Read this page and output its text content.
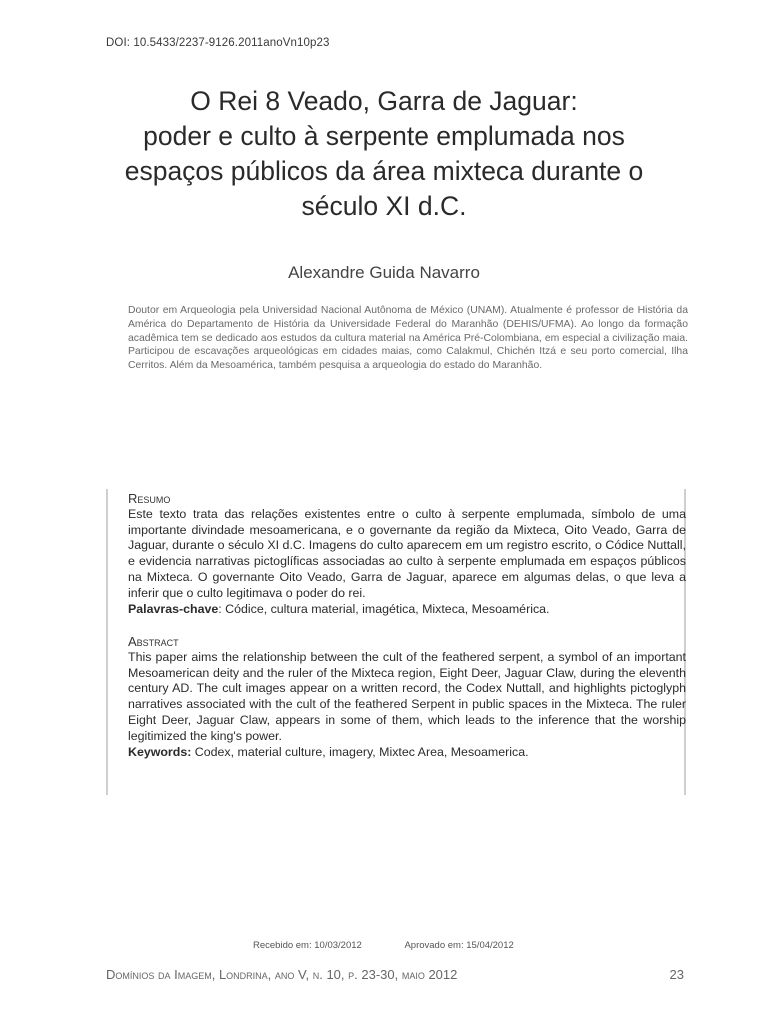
DOI: 10.5433/2237-9126.2011anoVn10p23
O Rei 8 Veado, Garra de Jaguar:
poder e culto à serpente emplumada nos
espaços públicos da área mixteca durante o
século XI d.C.
Alexandre Guida Navarro
Doutor em Arqueologia pela Universidad Nacional Autônoma de México (UNAM). Atualmente é professor de História da América do Departamento de História da Universidade Federal do Maranhão (DEHIS/UFMA). Ao longo da formação acadêmica tem se dedicado aos estudos da cultura material na América Pré-Colombiana, em especial a civilização maia. Participou de escavações arqueológicas em cidades maias, como Calakmul, Chichén Itzá e seu porto comercial, Ilha Cerritos. Além da Mesoamérica, também pesquisa a arqueologia do estado do Maranhão.
Resumo
Este texto trata das relações existentes entre o culto à serpente emplumada, símbolo de uma importante divindade mesoamericana, e o governante da região da Mixteca, Oito Veado, Garra de Jaguar, durante o século XI d.C. Imagens do culto aparecem em um registro escrito, o Códice Nuttall, e evidencia narrativas pictoglíficas associadas ao culto à serpente emplumada em espaços públicos na Mixteca. O governante Oito Veado, Garra de Jaguar, aparece em algumas delas, o que leva a inferir que o culto legitimava o poder do rei.
Palavras-chave: Códice, cultura material, imagética, Mixteca, Mesoamérica.
Abstract
This paper aims the relationship between the cult of the feathered serpent, a symbol of an important Mesoamerican deity and the ruler of the Mixteca region, Eight Deer, Jaguar Claw, during the eleventh century AD. The cult images appear on a written record, the Codex Nuttall, and highlights pictoglyph narratives associated with the cult of the feathered Serpent in public spaces in the Mixteca. The ruler Eight Deer, Jaguar Claw, appears in some of them, which leads to the inference that the worship legitimized the king's power.
Keywords: Codex, material culture, imagery, Mixtec Area, Mesoamerica.
Recebido em: 10/03/2012	Aprovado em: 15/04/2012
Domínios da Imagem, Londrina, ano V, n. 10, p. 23-30, maio 2012	23
